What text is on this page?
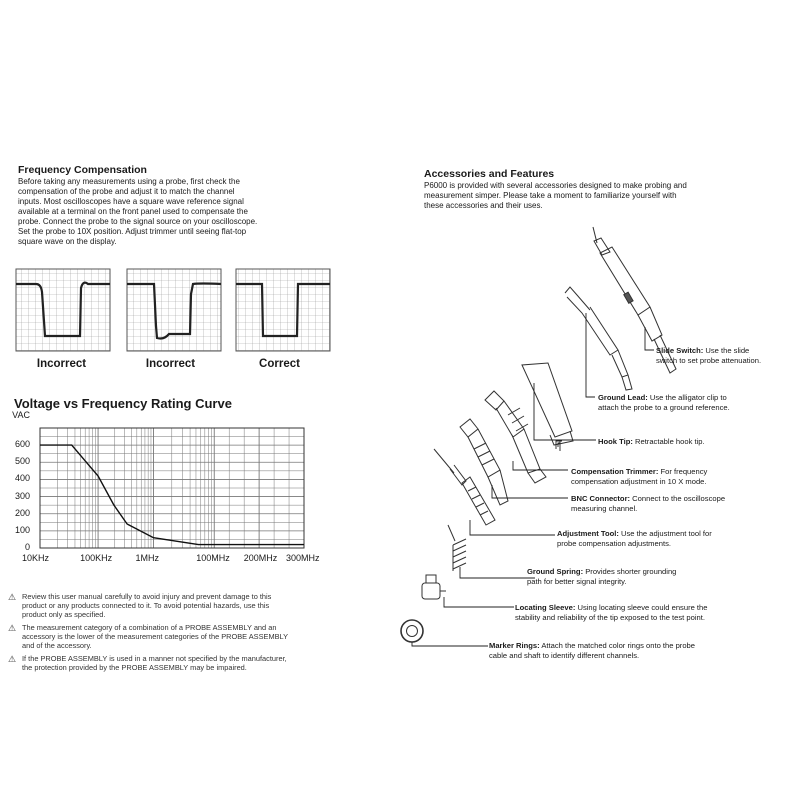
Frequency Compensation
Before taking any measurements using a probe, first check the
compensation of the probe and adjust it to match the channel
inputs. Most oscilloscopes have a square wave reference signal
available at a terminal on the front panel used to compensate the
probe. Connect the probe to the signal source on your oscilloscope.
Set the probe to 10X position. Adjust trimmer until seeing flat-top
square wave on the display.
Incorrect	Incorrect	Correct
Voltage vs Frequency Rating Curve
VAC
600
500
400
300
200
100
0
10KHz	100KHz	1MHz	100MHz 200MHz 300MHz
⚠ Review this user manual carefully to avoid injury and prevent damage to this
product or any products connected to it. To avoid potential hazards, use this
product only as specified.
⚠ The measurement category of a combination of a PROBE ASSEMBLY and an
accessory is the lower of the measurement categories of the PROBE ASSEMBLY
and of the accessory.
⚠ If the PROBE ASSEMBLY is used in a manner not specified by the manufacturer,
the protection provided by the PROBE ASSEMBLY may be impaired.
Accessories and Features
P6000 is provided with several accessories designed to make probing and
measurement simper. Please take a moment to familiarize yourself with
these accessories and their uses.
Slide Switch: Use the slide
switch to set probe attenuation.
Ground Lead: Use the alligator clip to
attach the probe to a ground reference.
Hook Tip: Retractable hook tip.
Compensation Trimmer: For frequency
compensation adjustment in 10 X mode.
BNC Connector: Connect to the oscilloscope
measuring channel.
Adjustment Tool: Use the adjustment tool for
probe compensation adjustments.
Ground Spring: Provides shorter grounding
path for better signal integrity.
Locating Sleeve: Using locating sleeve could ensure the
stability and reliability of the tip exposed to the test point.
Marker Rings: Attach the matched color rings onto the probe
cable and shaft to identify different channels.
